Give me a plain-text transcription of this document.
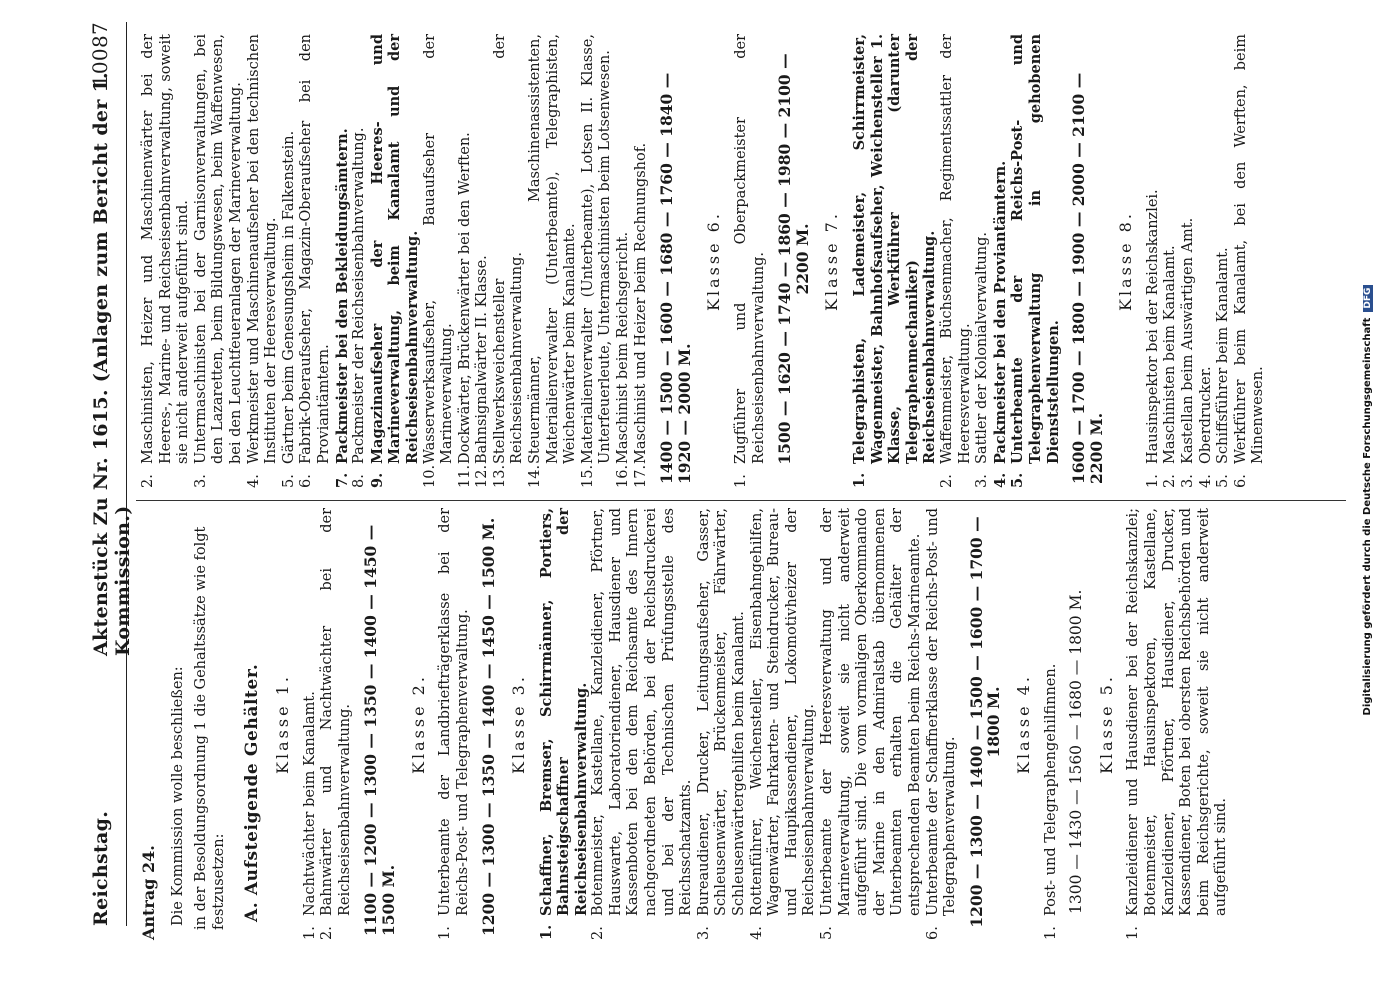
Reichstag.
Aktenstück Zu Nr. 1615. (Anlagen zum Bericht der 1. Kommission.)
10087

Antrag 24. Die Kommission wolle beschließen: in der Besoldungsordnung 1 die Gehaltssätze wie folgt festzusetzen: A. Aufsteigende Gehälter. Klasse 1.

1.
Nachtwächter beim Kanalamt.
2.
Bahnwärter und Nachtwächter bei der Reichseisenbahnverwaltung. 1100 — 1200 — 1300 — 1350 — 1400 — 1450 — 1500 M.

Klasse 2.

1.
Unterbeamte der Landbriefträgerklasse bei der Reichs-Post- und Telegraphenverwaltung. 1200 — 1300 — 1350 — 1400 — 1450 — 1500 M. Klasse 3.

1.
Schaffner, Bremser, Schirrmänner, Portiers, Bahnsteigschaffner der Reichseisenbahnverwaltung.
2.
Botenmeister, Kastellane, Kanzleidiener, Pförtner, Hauswarte, Laboratoriendiener, Hausdiener und Kassenboten bei den dem Reichsamte des Innern nachgeordneten Behörden, bei der Reichsdruckerei und bei der Technischen Prüfungsstelle des Reichsschatzamts.
3.
Bureaudiener, Drucker, Leitungsaufseher, Gasser, Schleusenwärter, Brückenmeister, Fährwärter, Schleusenwärtergehilfen beim Kanalamt.
4.
Rottenführer, Weichensteller, Eisenbahngehilfen, Wagenwärter, Fahrkarten- und Steindrucker, Bureau- und Haupikassendiener, Lokomotivheizer der Reichseisenbahnverwaltung.
5.
Unterbeamte der Heeresverwaltung und der Marineverwaltung, soweit sie nicht anderweit aufgeführt sind. Die vom vormaligen Oberkommando der Marine in den Admiralstab übernommenen Unterbeamten erhalten die Gehälter der entsprechenden Beamten beim Reichs-Marineamte.
6.
Unterbeamte der Schaffnerklasse der Reichs-Post- und Telegraphenverwaltung. 1200 — 1300 — 1400 — 1500 — 1600 — 1700 — 1800 M. Klasse 4.

1.
Post- und Telegraphengehilfinnen. 1300 — 1430 — 1560 — 1680 — 1800 M. Klasse 5.

1.
Kanzleidiener und Hausdiener bei der Reichskanzlei; Botenmeister, Hausinspektoren, Kastellane, Kanzleidiener, Pförtner, Hausdiener, Drucker, Kassendiener, Boten bei obersten Reichsbehörden und beim Reichsgerichte, soweit sie nicht anderweit aufgeführt sind.
2.
Maschinisten, Heizer und Maschinenwärter bei der Heeres-, Marine- und Reichseisenbahnverwaltung, soweit sie nicht anderweit aufgeführt sind.
3.
Untermaschinisten bei der Garnisonverwaltungen, bei den Lazaretten, beim Bildungswesen, beim Waffenwesen, bei den Leuchtfeueranlagen der Marineverwaltung.
4.
Werkmeister und Maschinenaufseher bei den technischen Instituten der Heeresverwaltung.
5.
Gärtner beim Genesungsheim in Falkenstein.
6.
Fabrik-Oberaufseher, Magazin-Oberaufseher bei den Proviantämtern.
7.
Packmeister bei den Bekleidungsämtern.
8.
Packmeister der Reichseisenbahnverwaltung.
9.
Magazinaufseher der Heeres- und Marineverwaltung, beim Kanalamt und der Reichseisenbahnverwaltung.
10.
Wasserwerksaufseher, Bauaufseher der Marineverwaltung.
11.
Dockwärter, Brückenwärter bei den Werften.
12.
Bahnsignalwärter II. Klasse.
13.
Stellwerksweichensteller der Reichseisenbahnverwaltung.
14.
Steuermänner, Maschinenassistenten, Materialienverwalter (Unterbeamte), Telegraphisten, Weichenwärter beim Kanalamte.
15.
Materialienverwalter (Unterbeamte), Lotsen II. Klasse, Unterfeuerleute, Untermaschinisten beim Lotsenwesen.
16.
Maschinist beim Reichsgericht.
17.
Maschinist und Heizer beim Rechnungshof. 1400 — 1500 — 1600 — 1680 — 1760 — 1840 — 1920 — 2000 M.

Klasse 6.

1.
Zugführer und Oberpackmeister der Reichseisenbahnverwaltung. 1500 — 1620 — 1740 — 1860 — 1980 — 2100 — 2200 M. Klasse 7.

1.
Telegraphisten, Lademeister, Schirrmeister, Wagenmeister, Bahnhofsaufseher, Weichensteller 1. Klasse, Werkführer (darunter Telegraphenmechaniker) der Reichseisenbahnverwaltung.
2.
Waffenmeister, Büchsenmacher, Regimentssattler der Heeresverwaltung.
3.
Sattler der Kolonialverwaltung.
4.
Packmeister bei den Proviantämtern.
5.
Unterbeamte der Reichs-Post- und Telegraphenverwaltung in gehobenen Dienststellungen. 1600 — 1700 — 1800 — 1900 — 2000 — 2100 — 2200 M.

Klasse 8.

1.
Hausinspektor bei der Reichskanzlei.
2.
Maschinisten beim Kanalamt.
3.
Kastellan beim Auswärtigen Amt.
4.
Oberdrucker.
5.
Schiffsführer beim Kanalamt.
6.
Werkführer beim Kanalamt, bei den Werften, beim Minenwesen.	Digitalisierung gefördert durch die Deutsche ForschungsgemeinschaftDFG
